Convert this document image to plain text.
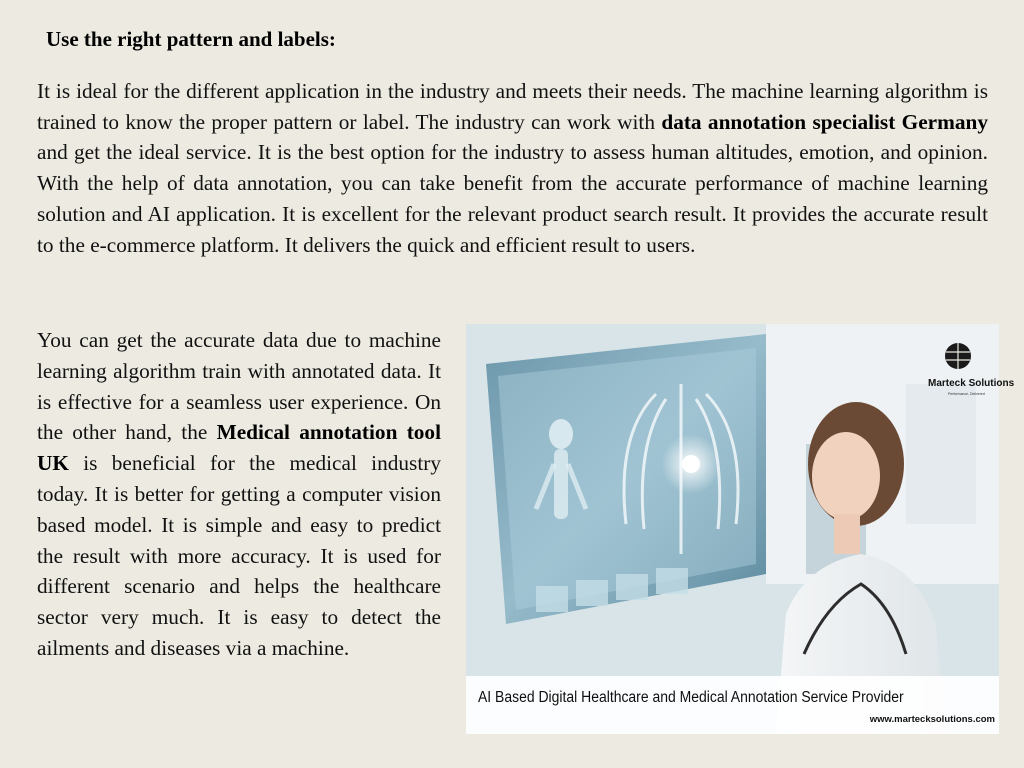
Use the right pattern and labels:
It is ideal for the different application in the industry and meets their needs. The machine learning algorithm is trained to know the proper pattern or label. The industry can work with data annotation specialist Germany and get the ideal service. It is the best option for the industry to assess human altitudes, emotion, and opinion. With the help of data annotation, you can take benefit from the accurate performance of machine learning solution and AI application. It is excellent for the relevant product search result. It provides the accurate result to the e-commerce platform. It delivers the quick and efficient result to users.
You can get the accurate data due to machine learning algorithm train with annotated data. It is effective for a seamless user experience. On the other hand, the Medical annotation tool UK is beneficial for the medical industry today. It is better for getting a computer vision based model. It is simple and easy to predict the result with more accuracy. It is used for different scenario and helps the healthcare sector very much. It is easy to detect the ailments and diseases via a machine.
Marteck Solutions
Performance, Delivered
AI Based Digital Healthcare and Medical Annotation Service Provider
www.martecksolutions.com
